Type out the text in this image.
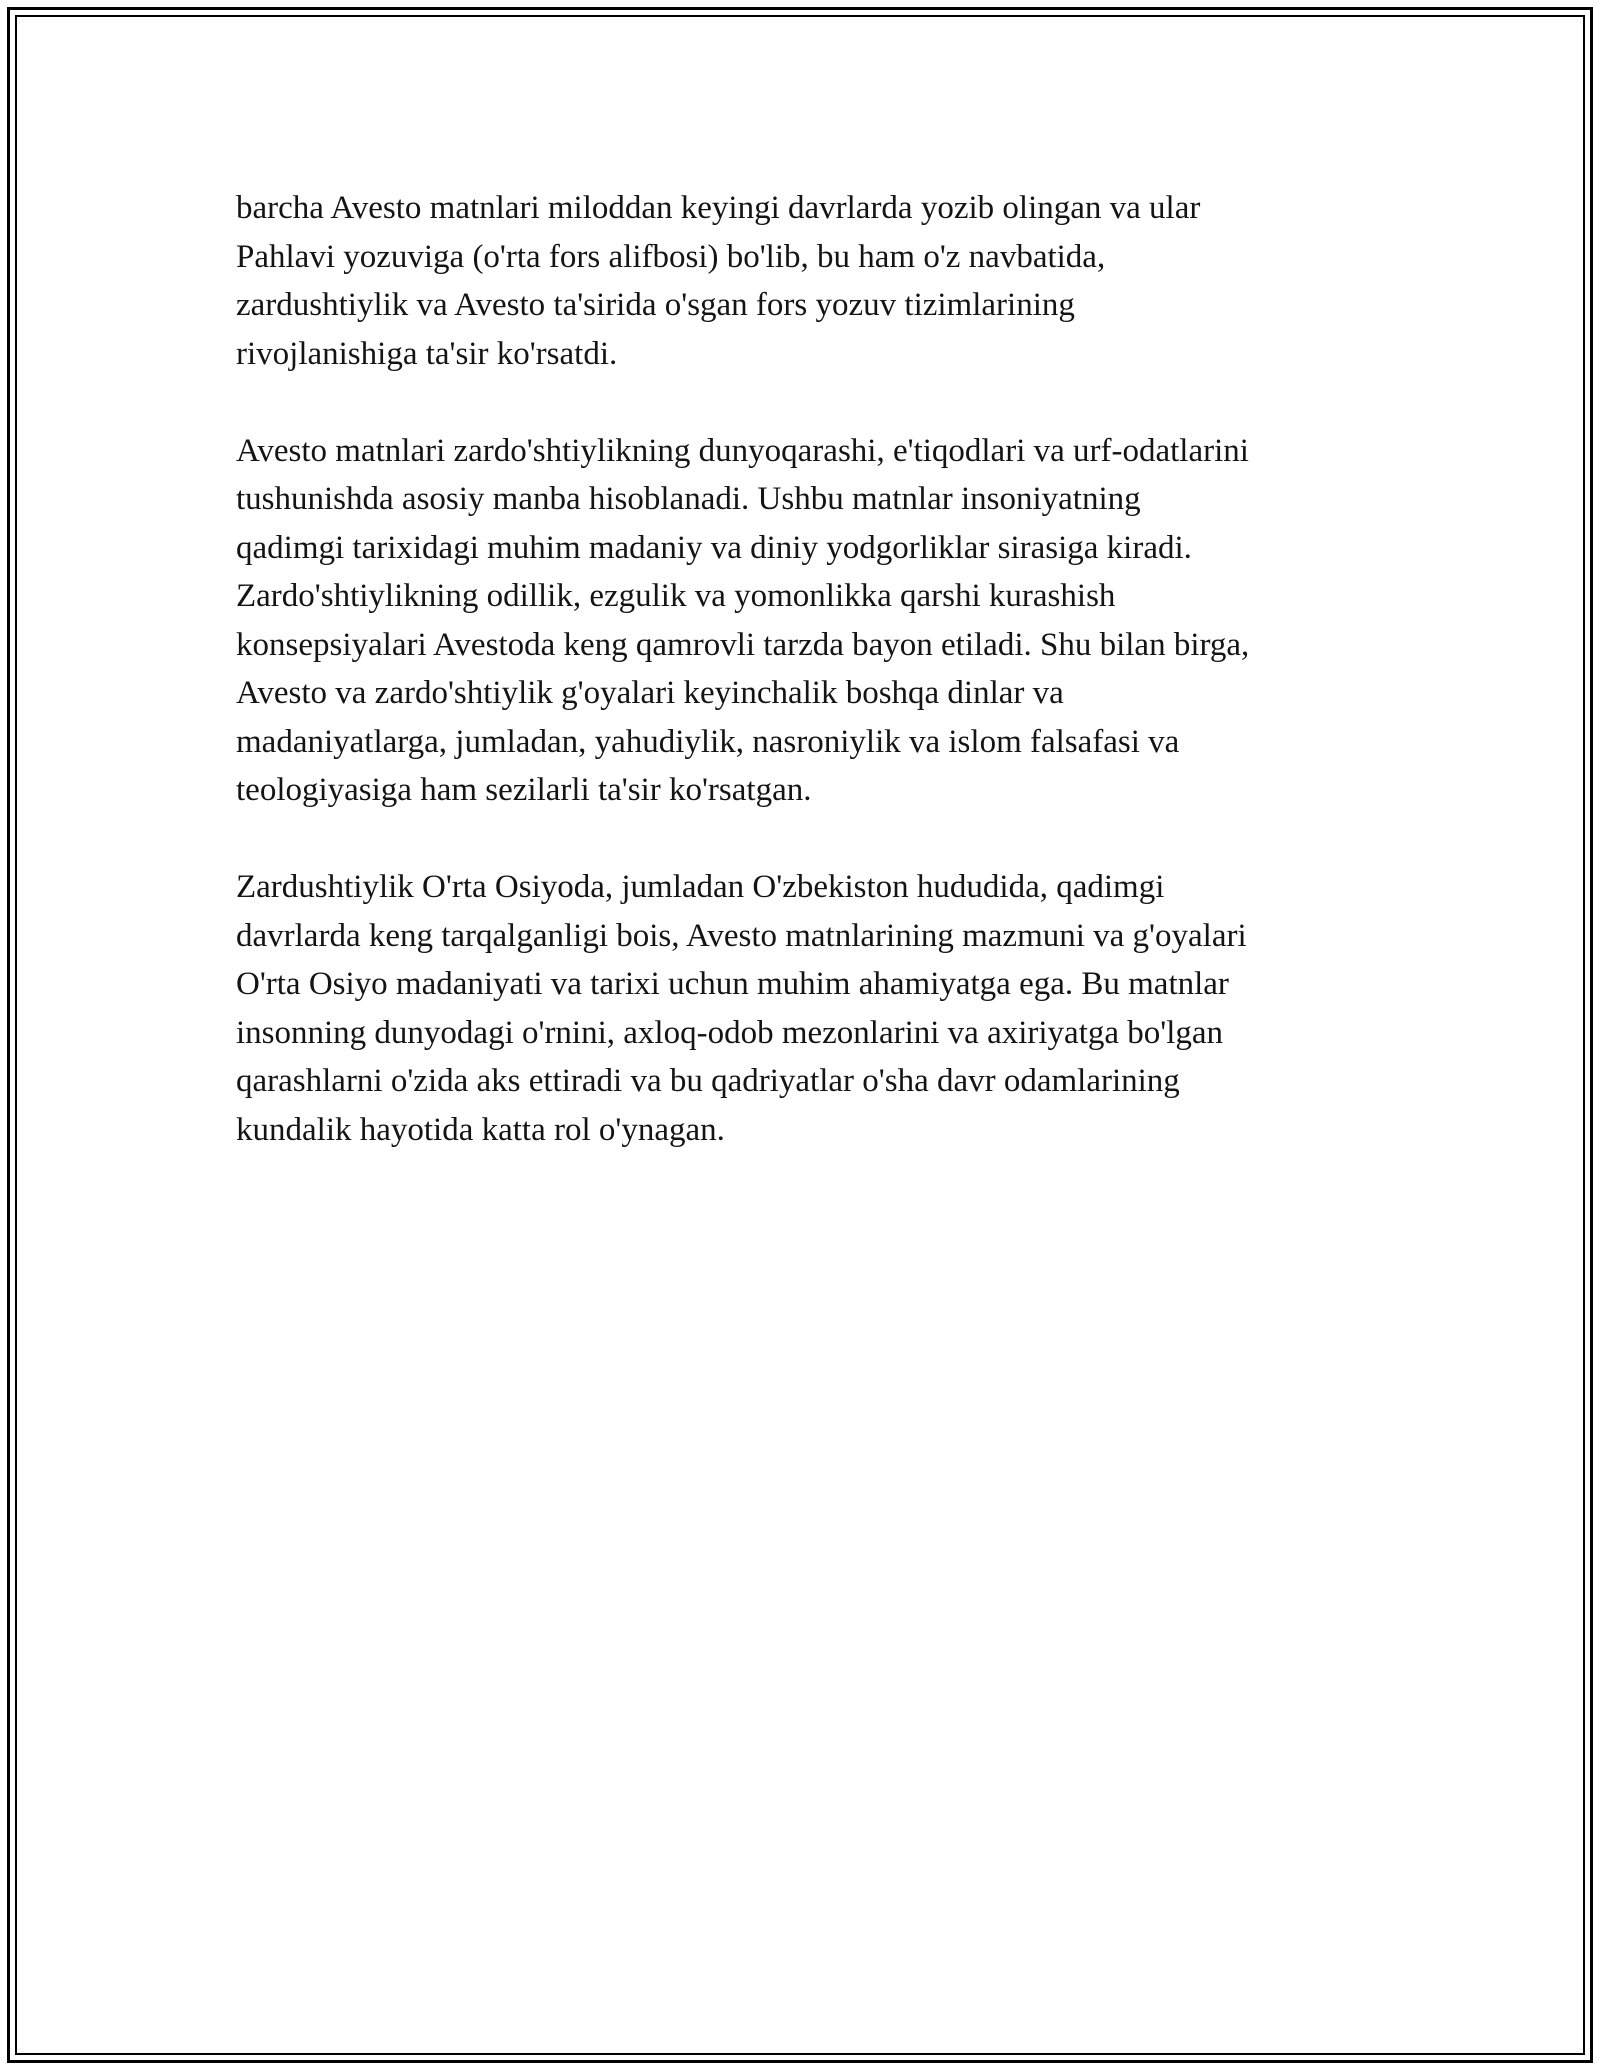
barcha Avesto matnlari miloddan keyingi davrlarda yozib olingan va ular
Pahlavi yozuviga (o'rta fors alifbosi) bo'lib, bu ham o'z navbatida,
zardushtiylik va Avesto ta'sirida o'sgan fors yozuv tizimlarining
rivojlanishiga ta'sir ko'rsatdi.

Avesto matnlari zardo'shtiylikning dunyoqarashi, e'tiqodlari va urf-odatlarini
tushunishda asosiy manba hisoblanadi. Ushbu matnlar insoniyatning
qadimgi tarixidagi muhim madaniy va diniy yodgorliklar sirasiga kiradi.
Zardo'shtiylikning odillik, ezgulik va yomonlikka qarshi kurashish
konsepsiyalari Avestoda keng qamrovli tarzda bayon etiladi. Shu bilan birga,
Avesto va zardo'shtiylik g'oyalari keyinchalik boshqa dinlar va
madaniyatlarga, jumladan, yahudiylik, nasroniylik va islom falsafasi va
teologiyasiga ham sezilarli ta'sir ko'rsatgan.

Zardushtiylik O'rta Osiyoda, jumladan O'zbekiston hududida, qadimgi
davrlarda keng tarqalganligi bois, Avesto matnlarining mazmuni va g'oyalari
O'rta Osiyo madaniyati va tarixi uchun muhim ahamiyatga ega. Bu matnlar
insonning dunyodagi o'rnini, axloq-odob mezonlarini va axiriyatga bo'lgan
qarashlarni o'zida aks ettiradi va bu qadriyatlar o'sha davr odamlarining
kundalik hayotida katta rol o'ynagan.
